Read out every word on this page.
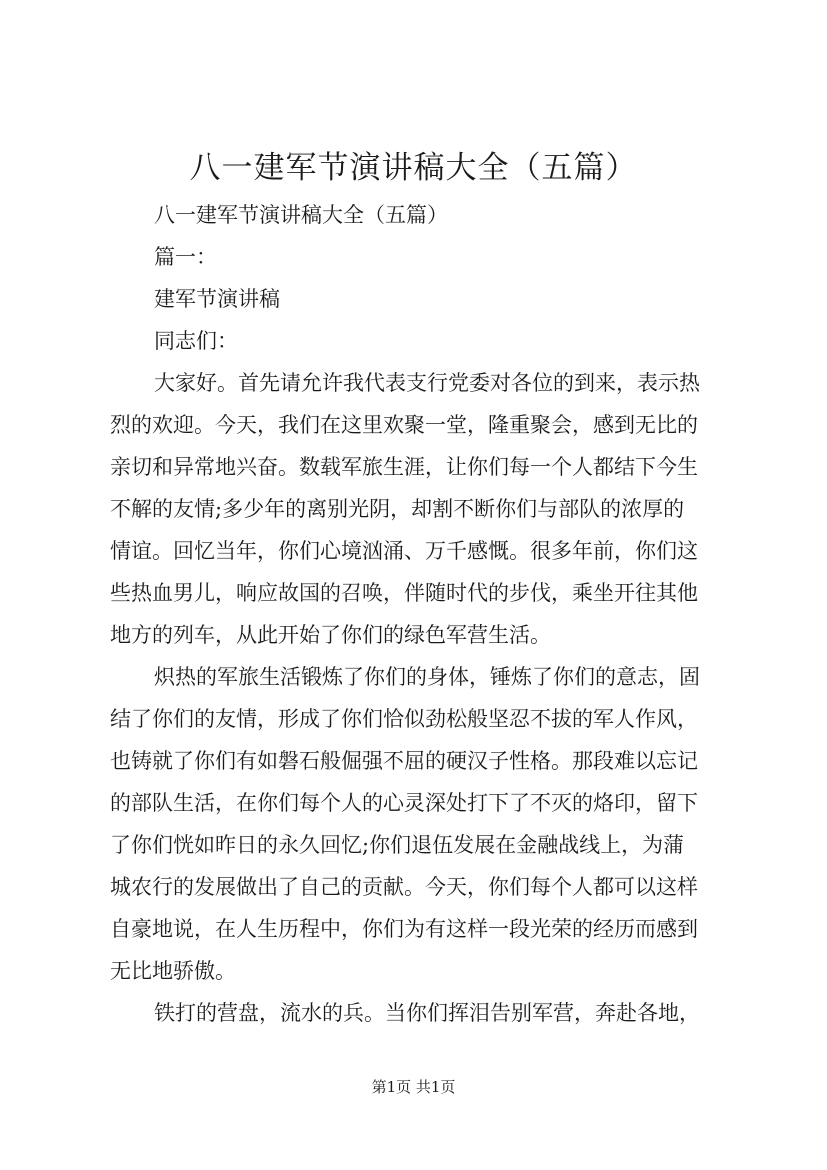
八一建军节演讲稿大全（五篇）
八一建军节演讲稿大全（五篇）
篇一：
建军节演讲稿
同志们：
大家好。首先请允许我代表支行党委对各位的到来，表示热
烈的欢迎。今天，我们在这里欢聚一堂，隆重聚会，感到无比的
亲切和异常地兴奋。数载军旅生涯，让你们每一个人都结下今生
不解的友情;多少年的离别光阴，却割不断你们与部队的浓厚的
情谊。回忆当年，你们心境汹涌、万千感慨。很多年前，你们这
些热血男儿，响应故国的召唤，伴随时代的步伐，乘坐开往其他
地方的列车，从此开始了你们的绿色军营生活。
炽热的军旅生活锻炼了你们的身体，锤炼了你们的意志，固
结了你们的友情，形成了你们恰似劲松般坚忍不拔的军人作风，
也铸就了你们有如磐石般倔强不屈的硬汉子性格。那段难以忘记
的部队生活，在你们每个人的心灵深处打下了不灭的烙印，留下
了你们恍如昨日的永久回忆;你们退伍发展在金融战线上，为蒲
城农行的发展做出了自己的贡献。今天，你们每个人都可以这样
自豪地说，在人生历程中，你们为有这样一段光荣的经历而感到
无比地骄傲。
铁打的营盘，流水的兵。当你们挥泪告别军营，奔赴各地，
第1页 共1页
